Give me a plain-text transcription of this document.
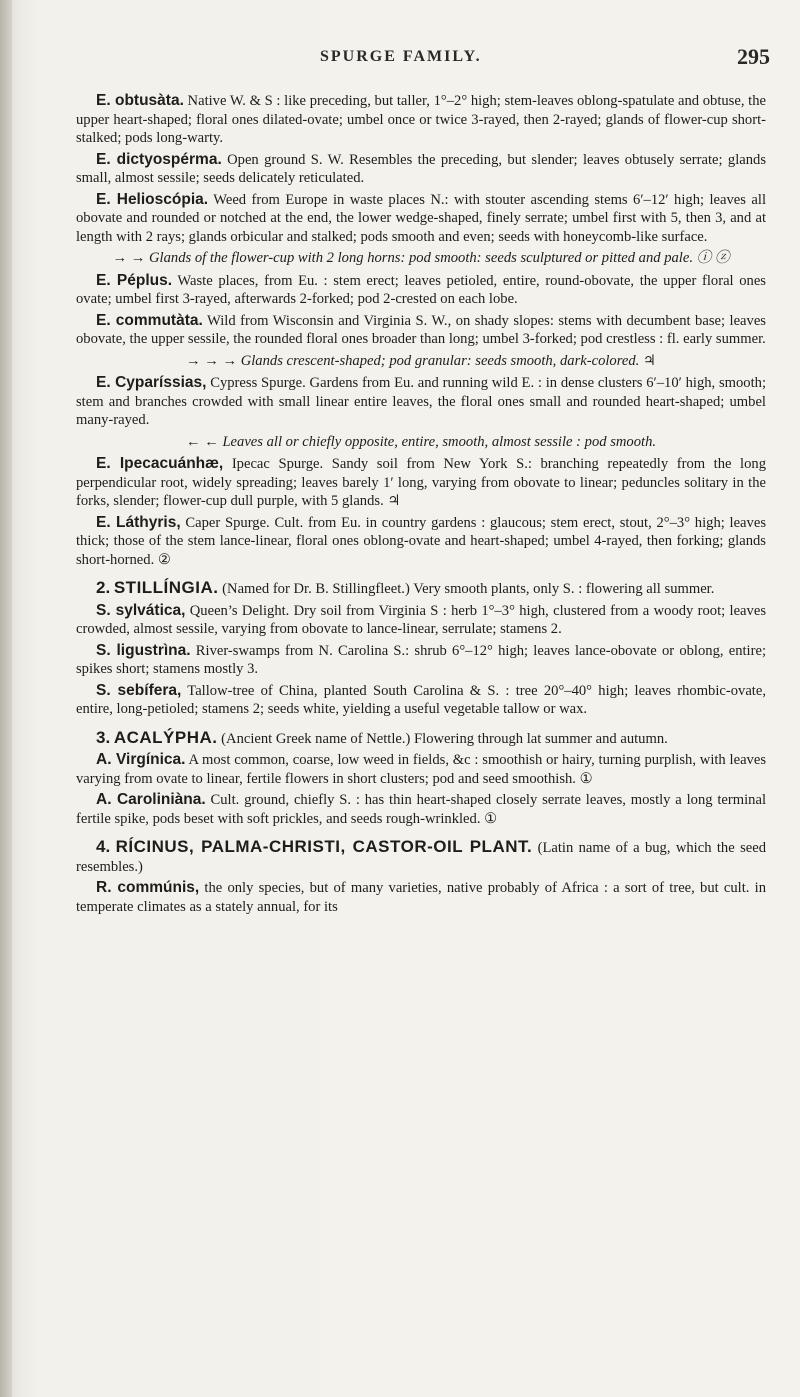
SPURGE FAMILY.	295

E. obtusàta. Native W. & S : like preceding, but taller, 1°–2° high; stem-leaves oblong-spatulate and obtuse, the upper heart-shaped; floral ones dilated-ovate; umbel once or twice 3-rayed, then 2-rayed; glands of flower-cup short-stalked; pods long-warty.

E. dictyospérma. Open ground S. W. Resembles the preceding, but slender; leaves obtusely serrate; glands small, almost sessile; seeds delicately reticulated.

E. Helioscópia. Weed from Europe in waste places N.: with stouter ascending stems 6′–12′ high; leaves all obovate and rounded or notched at the end, the lower wedge-shaped, finely serrate; umbel first with 5, then 3, and at length with 2 rays; glands orbicular and stalked; pods smooth and even; seeds with honeycomb-like surface.

→ → Glands of the flower-cup with 2 long horns: pod smooth: seeds sculptured or pitted and pale. ⓘ ⓩ

E. Péplus. Waste places, from Eu. : stem erect; leaves petioled, entire, round-obovate, the upper floral ones ovate; umbel first 3-rayed, afterwards 2-forked; pod 2-crested on each lobe.

E. commutàta. Wild from Wisconsin and Virginia S. W., on shady slopes: stems with decumbent base; leaves obovate, the upper sessile, the rounded floral ones broader than long; umbel 3-forked; pod crestless : fl. early summer.

→ → → Glands crescent-shaped; pod granular: seeds smooth, dark-colored. ♃

E. Cyparíssias, Cypress Spurge. Gardens from Eu. and running wild E. : in dense clusters 6′–10′ high, smooth; stem and branches crowded with small linear entire leaves, the floral ones small and rounded heart-shaped; umbel many-rayed.

← ← Leaves all or chiefly opposite, entire, smooth, almost sessile : pod smooth.

E. Ipecacuánhæ, Ipecac Spurge. Sandy soil from New York S.: branching repeatedly from the long perpendicular root, widely spreading; leaves barely 1′ long, varying from obovate to linear; peduncles solitary in the forks, slender; flower-cup dull purple, with 5 glands. ♃

E. Láthyris, Caper Spurge. Cult. from Eu. in country gardens : glaucous; stem erect, stout, 2°–3° high; leaves thick; those of the stem lance-linear, floral ones oblong-ovate and heart-shaped; umbel 4-rayed, then forking; glands short-horned. ②

2. STILLÍNGIA. (Named for Dr. B. Stillingfleet.) Very smooth plants, only S. : flowering all summer.

S. sylvática, Queen’s Delight. Dry soil from Virginia S : herb 1°–3° high, clustered from a woody root; leaves crowded, almost sessile, varying from obovate to lance-linear, serrulate; stamens 2.

S. ligustrìna. River-swamps from N. Carolina S.: shrub 6°–12° high; leaves lance-obovate or oblong, entire; spikes short; stamens mostly 3.

S. sebífera, Tallow-tree of China, planted South Carolina & S. : tree 20°–40° high; leaves rhombic-ovate, entire, long-petioled; stamens 2; seeds white, yielding a useful vegetable tallow or wax.

3. ACALÝPHA. (Ancient Greek name of Nettle.) Flowering through lat summer and autumn.

A. Virgínica. A most common, coarse, low weed in fields, &c : smoothish or hairy, turning purplish, with leaves varying from ovate to linear, fertile flowers in short clusters; pod and seed smoothish. ①

A. Caroliniàna. Cult. ground, chiefly S. : has thin heart-shaped closely serrate leaves, mostly a long terminal fertile spike, pods beset with soft prickles, and seeds rough-wrinkled. ①

4. RÍCINUS, PALMA-CHRISTI, CASTOR-OIL PLANT. (Latin name of a bug, which the seed resembles.)

R. commúnis, the only species, but of many varieties, native probably of Africa : a sort of tree, but cult. in temperate climates as a stately annual, for its
